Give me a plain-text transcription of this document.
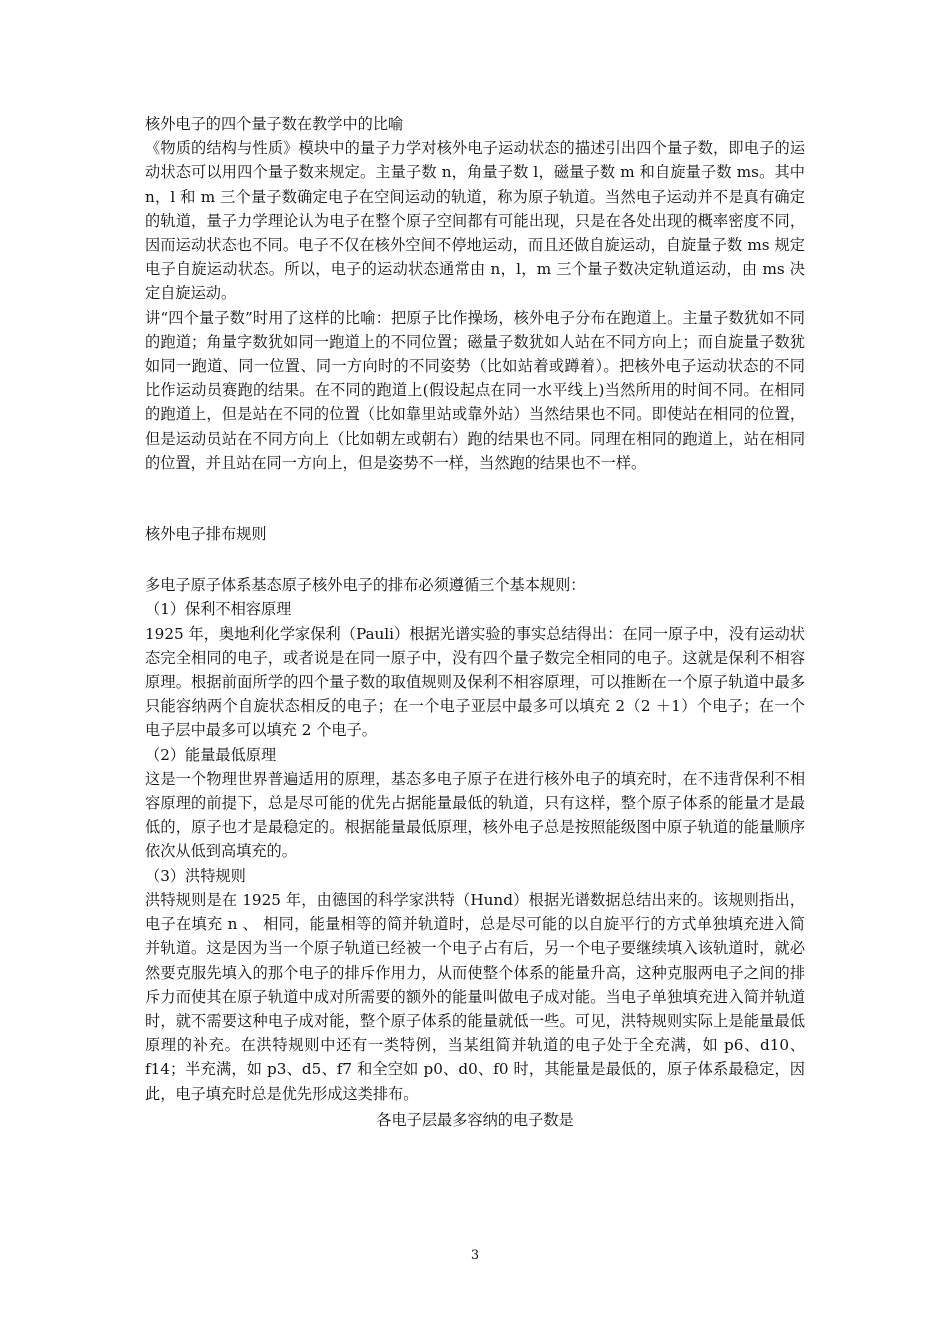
核外电子的四个量子数在教学中的比喻

《物质的结构与性质》模块中的量子力学对核外电子运动状态的描述引出四个量子数，即电子的运动状态可以用四个量子数来规定。主量子数 n，角量子数 l，磁量子数 m 和自旋量子数 ms。其中 n，l 和 m 三个量子数确定电子在空间运动的轨道，称为原子轨道。当然电子运动并不是真有确定的轨道，量子力学理论认为电子在整个原子空间都有可能出现，只是在各处出现的概率密度不同，因而运动状态也不同。电子不仅在核外空间不停地运动，而且还做自旋运动，自旋量子数 ms 规定电子自旋运动状态。所以，电子的运动状态通常由 n，l，m 三个量子数决定轨道运动，由 ms 决定自旋运动。

讲“四个量子数”时用了这样的比喻：把原子比作操场，核外电子分布在跑道上。主量子数犹如不同的跑道；角量字数犹如同一跑道上的不同位置；磁量子数犹如人站在不同方向上；而自旋量子数犹如同一跑道、同一位置、同一方向时的不同姿势（比如站着或蹲着）。把核外电子运动状态的不同比作运动员赛跑的结果。在不同的跑道上(假设起点在同一水平线上)当然所用的时间不同。在相同的跑道上，但是站在不同的位置（比如靠里站或靠外站）当然结果也不同。即使站在相同的位置，但是运动员站在不同方向上（比如朝左或朝右）跑的结果也不同。同理在相同的跑道上，站在相同的位置，并且站在同一方向上，但是姿势不一样，当然跑的结果也不一样。

核外电子排布规则

多电子原子体系基态原子核外电子的排布必须遵循三个基本规则：

（1）保利不相容原理

1925 年，奥地利化学家保利（Pauli）根据光谱实验的事实总结得出：在同一原子中，没有运动状态完全相同的电子，或者说是在同一原子中，没有四个量子数完全相同的电子。这就是保利不相容原理。根据前面所学的四个量子数的取值规则及保利不相容原理，可以推断在一个原子轨道中最多只能容纳两个自旋状态相反的电子；在一个电子亚层中最多可以填充 2（2 ＋1）个电子；在一个电子层中最多可以填充 2 个电子。

（2）能量最低原理

这是一个物理世界普遍适用的原理，基态多电子原子在进行核外电子的填充时，在不违背保利不相容原理的前提下，总是尽可能的优先占据能量最低的轨道，只有这样，整个原子体系的能量才是最低的，原子也才是最稳定的。根据能量最低原理，核外电子总是按照能级图中原子轨道的能量顺序依次从低到高填充的。

（3）洪特规则

洪特规则是在 1925 年，由德国的科学家洪特（Hund）根据光谱数据总结出来的。该规则指出，电子在填充 n 、 相同，能量相等的简并轨道时，总是尽可能的以自旋平行的方式单独填充进入简并轨道。这是因为当一个原子轨道已经被一个电子占有后，另一个电子要继续填入该轨道时，就必然要克服先填入的那个电子的排斥作用力，从而使整个体系的能量升高，这种克服两电子之间的排斥力而使其在原子轨道中成对所需要的额外的能量叫做电子成对能。当电子单独填充进入简并轨道时，就不需要这种电子成对能，整个原子体系的能量就低一些。可见，洪特规则实际上是能量最低原理的补充。在洪特规则中还有一类特例，当某组简并轨道的电子处于全充满，如 p6、d10、f14；半充满，如 p3、d5、f7 和全空如 p0、d0、f0 时，其能量是最低的，原子体系最稳定，因此，电子填充时总是优先形成这类排布。

各电子层最多容纳的电子数是

3
